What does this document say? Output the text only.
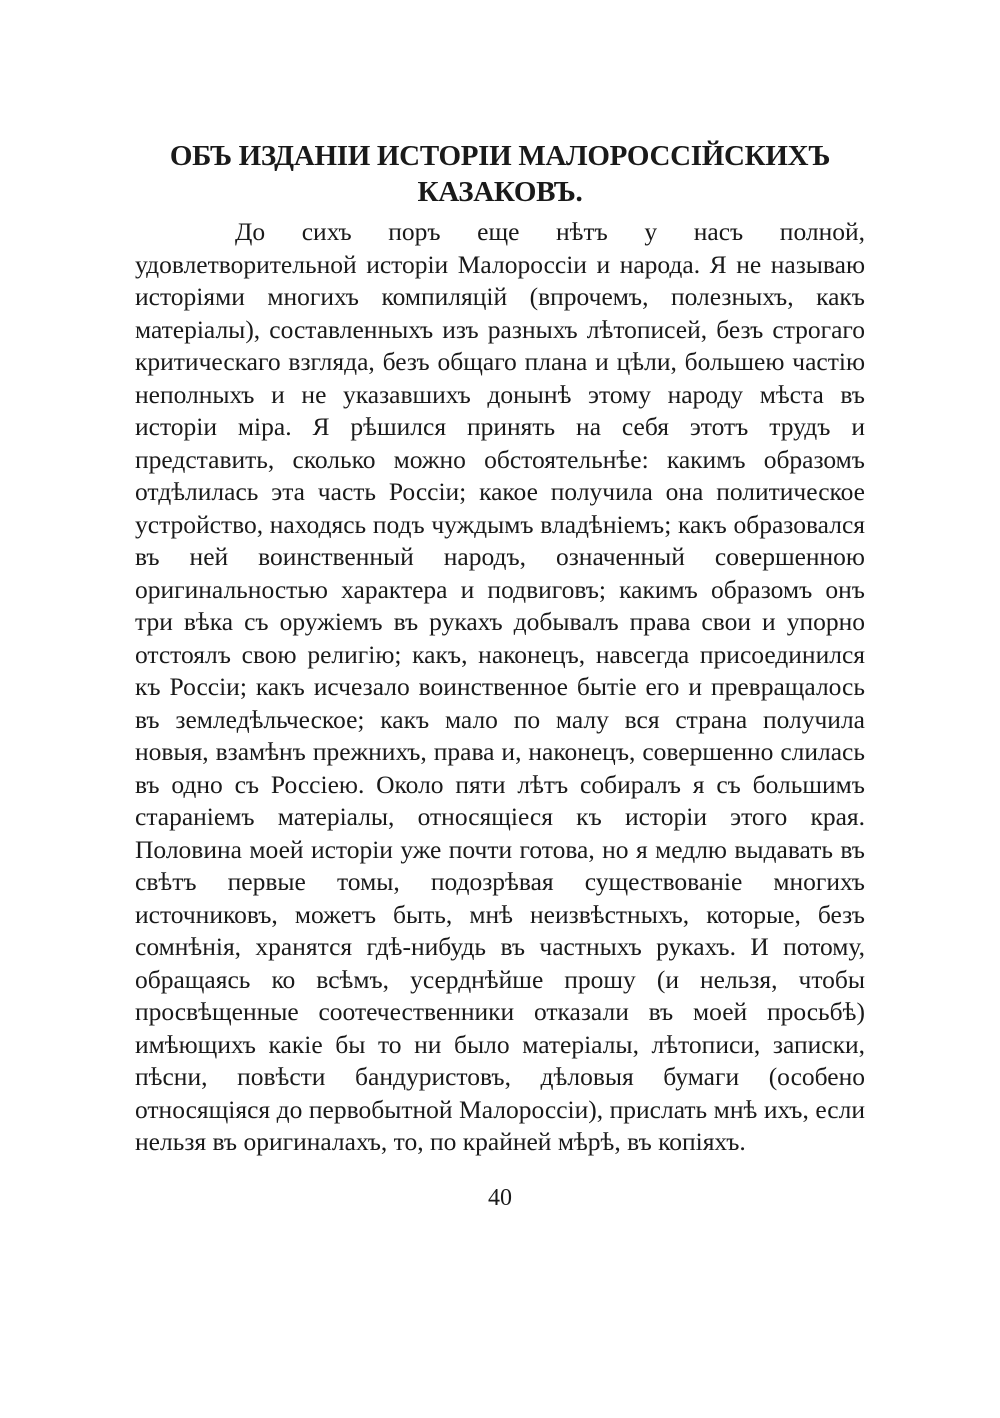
ОБЪ ИЗДАНІИ ИСТОРІИ МАЛОРОССІЙСКИХЪ
КАЗАКОВЪ.

До сихъ поръ еще нѣтъ у насъ полной, удовлетворительной исторіи Малороссіи и народа. Я не называю исторіями многихъ компиляцій (впрочемъ, полезныхъ, какъ матеріалы), составленныхъ изъ разныхъ лѣтописей, безъ строгаго критическаго взгляда, безъ общаго плана и цѣли, большею частію неполныхъ и не указавшихъ донынѣ этому народу мѣста въ исторіи міра. Я рѣшился принять на себя этотъ трудъ и представить, сколько можно обстоятельнѣе: какимъ образомъ отдѣлилась эта часть Россіи; какое получила она политическое устройство, находясь подъ чуждымъ владѣніемъ; какъ образовался въ ней воинственный народъ, означенный совершенною оригинальностью характера и подвиговъ; какимъ образомъ онъ три вѣка съ оружіемъ въ рукахъ добывалъ права свои и упорно отстоялъ свою религію; какъ, наконецъ, навсегда присоединился къ Россіи; какъ исчезало воинственное бытіе его и превращалось въ земледѣльческое; какъ мало по малу вся страна получила новыя, взамѣнъ прежнихъ, права и, наконецъ, совершенно слилась въ одно съ Россіею. Около пяти лѣтъ собиралъ я съ большимъ стараніемъ матеріалы, относящіеся къ исторіи этого края. Половина моей исторіи уже почти готова, но я медлю выдавать въ свѣтъ первые томы, подозрѣвая существованіе многихъ источниковъ, можетъ быть, мнѣ неизвѣстныхъ, которые, безъ сомнѣнія, хранятся гдѣ-нибудь въ частныхъ рукахъ. И потому, обращаясь ко всѣмъ, усерднѣйше прошу (и нельзя, чтобы просвѣщенные соотечественники отказали въ моей просьбѣ) имѣющихъ какіе бы то ни было матеріалы, лѣтописи, записки, пѣсни, повѣсти бандуристовъ, дѣловыя бумаги (особено относящіяся до первобытной Малороссіи), прислать мнѣ ихъ, если нельзя въ оригиналахъ, то, по крайней мѣрѣ, въ копіяхъ.

40
